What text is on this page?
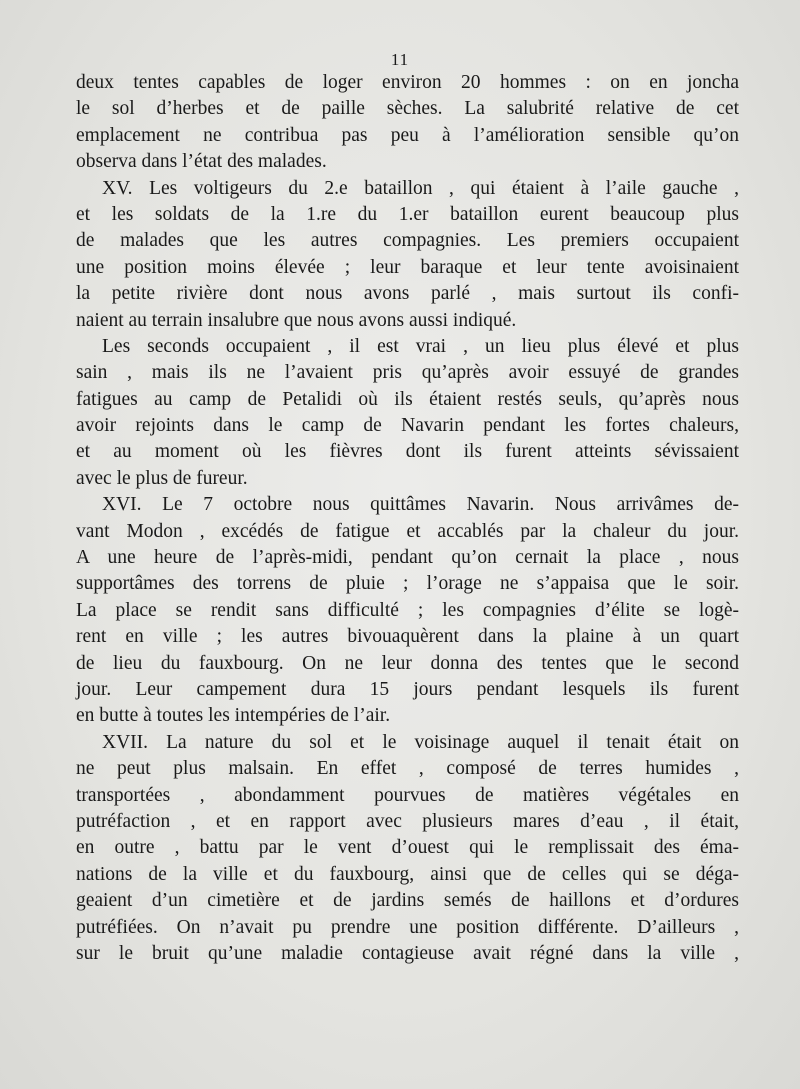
11
deux tentes capables de loger environ 20 hommes : on en joncha
le sol d’herbes et de paille sèches. La salubrité relative de cet
emplacement ne contribua pas peu à l’amélioration sensible qu’on
observa dans l’état des malades.
XV. Les voltigeurs du 2.e bataillon , qui étaient à l’aile gauche ,
et les soldats de la 1.re du 1.er bataillon eurent beaucoup plus
de malades que les autres compagnies. Les premiers occupaient
une position moins élevée ; leur baraque et leur tente avoisinaient
la petite rivière dont nous avons parlé , mais surtout ils confi-
naient au terrain insalubre que nous avons aussi indiqué.
Les seconds occupaient , il est vrai , un lieu plus élevé et plus
sain , mais ils ne l’avaient pris qu’après avoir essuyé de grandes
fatigues au camp de Petalidi où ils étaient restés seuls, qu’après nous
avoir rejoints dans le camp de Navarin pendant les fortes chaleurs,
et au moment où les fièvres dont ils furent atteints sévissaient
avec le plus de fureur.
XVI. Le 7 octobre nous quittâmes Navarin. Nous arrivâmes de-
vant Modon , excédés de fatigue et accablés par la chaleur du jour.
A une heure de l’après-midi, pendant qu’on cernait la place , nous
supportâmes des torrens de pluie ; l’orage ne s’appaisa que le soir.
La place se rendit sans difficulté ; les compagnies d’élite se logè-
rent en ville ; les autres bivouaquèrent dans la plaine à un quart
de lieu du fauxbourg. On ne leur donna des tentes que le second
jour. Leur campement dura 15 jours pendant lesquels ils furent
en butte à toutes les intempéries de l’air.
XVII. La nature du sol et le voisinage auquel il tenait était on
ne peut plus malsain. En effet , composé de terres humides ,
transportées , abondamment pourvues de matières végétales en
putréfaction , et en rapport avec plusieurs mares d’eau , il était,
en outre , battu par le vent d’ouest qui le remplissait des éma-
nations de la ville et du fauxbourg, ainsi que de celles qui se déga-
geaient d’un cimetière et de jardins semés de haillons et d’ordures
putréfiées. On n’avait pu prendre une position différente. D’ailleurs ,
sur le bruit qu’une maladie contagieuse avait régné dans la ville ,
